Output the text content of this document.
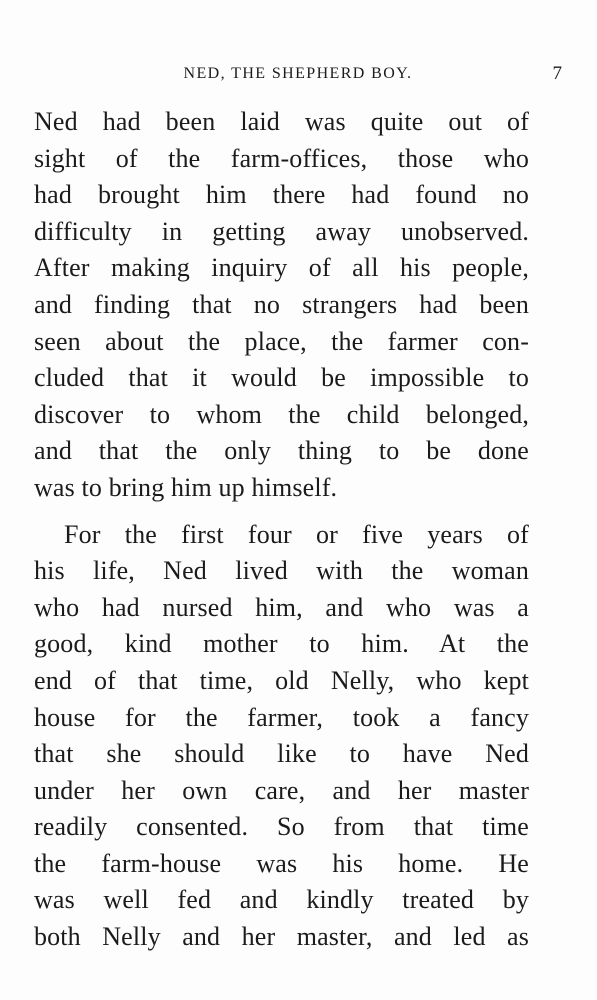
NED, THE SHEPHERD BOY.	7
Ned had been laid was quite out of
sight of the farm-offices, those who
had brought him there had found no
difficulty in getting away unobserved.
After making inquiry of all his people,
and finding that no strangers had been
seen about the place, the farmer con-
cluded that it would be impossible to
discover to whom the child belonged,
and that the only thing to be done
was to bring him up himself.
For the first four or five years of
his life, Ned lived with the woman
who had nursed him, and who was a
good, kind mother to him. At the
end of that time, old Nelly, who kept
house for the farmer, took a fancy
that she should like to have Ned
under her own care, and her master
readily consented. So from that time
the farm-house was his home. He
was well fed and kindly treated by
both Nelly and her master, and led as
